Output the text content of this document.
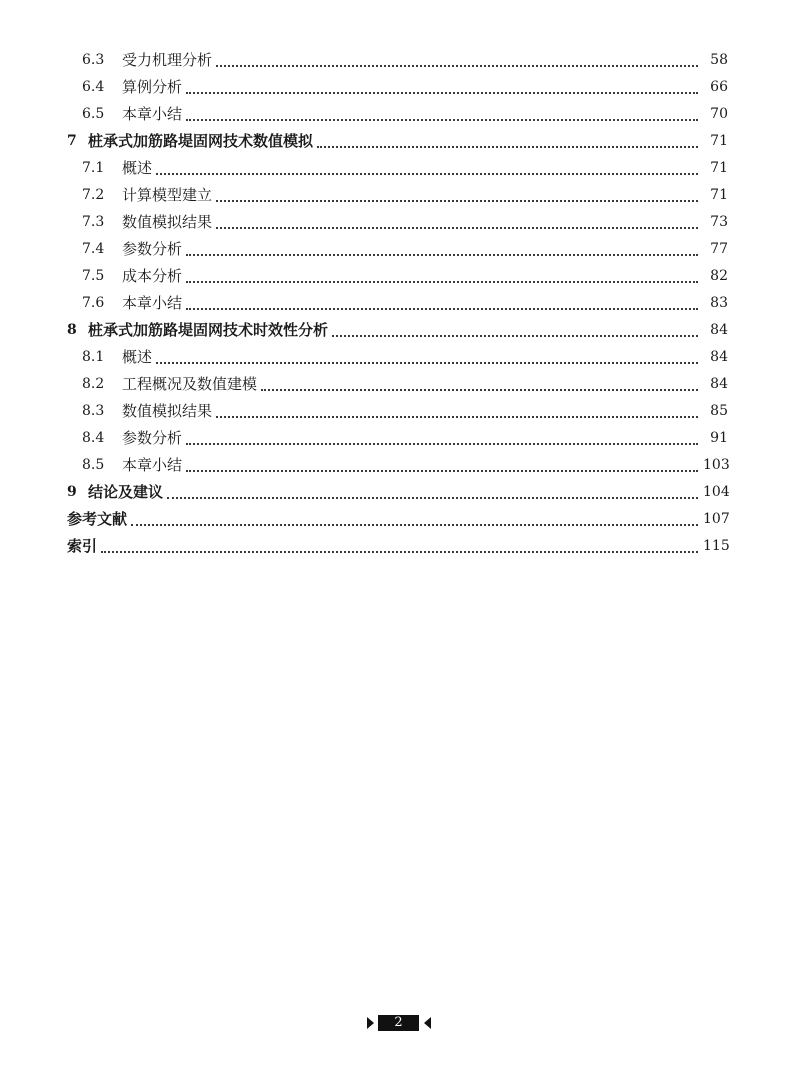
6.3 受力机理分析	58
6.4 算例分析	66
6.5 本章小结	70
7 桩承式加筋路堤固网技术数值模拟	71
7.1 概述	71
7.2 计算模型建立	71
7.3 数值模拟结果	73
7.4 参数分析	77
7.5 成本分析	82
7.6 本章小结	83
8 桩承式加筋路堤固网技术时效性分析	84
8.1 概述	84
8.2 工程概况及数值建模	84
8.3 数值模拟结果	85
8.4 参数分析	91
8.5 本章小结	103
9 结论及建议	104
参考文献	107
索引	115
2
